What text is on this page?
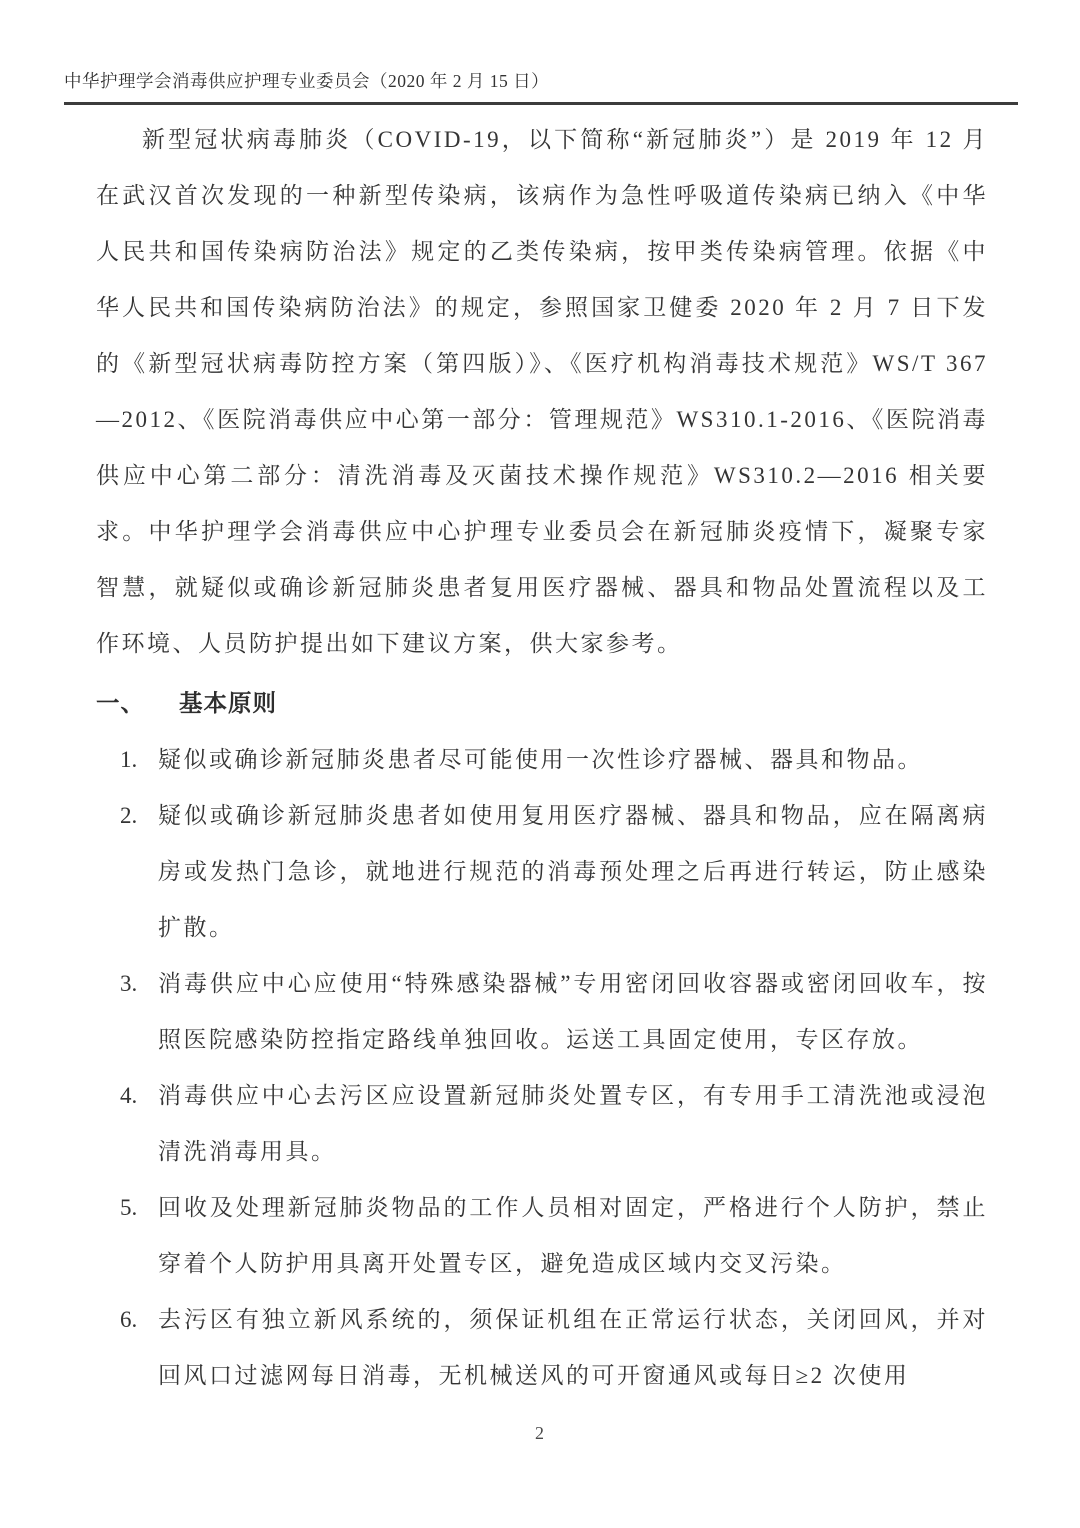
中华护理学会消毒供应护理专业委员会（2020 年 2 月 15 日）

新型冠状病毒肺炎（COVID-19，以下简称“新冠肺炎”）是 2019 年 12 月在武汉首次发现的一种新型传染病，该病作为急性呼吸道传染病已纳入《中华人民共和国传染病防治法》规定的乙类传染病，按甲类传染病管理。依据《中华人民共和国传染病防治法》的规定，参照国家卫健委 2020 年 2 月 7 日下发的《新型冠状病毒防控方案（第四版）》、《医疗机构消毒技术规范》WS/T 367—2012、《医院消毒供应中心第一部分：管理规范》WS310.1-2016、《医院消毒供应中心第二部分：清洗消毒及灭菌技术操作规范》WS310.2—2016 相关要求。中华护理学会消毒供应中心护理专业委员会在新冠肺炎疫情下，凝聚专家智慧，就疑似或确诊新冠肺炎患者复用医疗器械、器具和物品处置流程以及工作环境、人员防护提出如下建议方案，供大家参考。

一、 基本原则
1. 疑似或确诊新冠肺炎患者尽可能使用一次性诊疗器械、器具和物品。
2. 疑似或确诊新冠肺炎患者如使用复用医疗器械、器具和物品，应在隔离病房或发热门急诊，就地进行规范的消毒预处理之后再进行转运，防止感染扩散。
3. 消毒供应中心应使用“特殊感染器械”专用密闭回收容器或密闭回收车，按照医院感染防控指定路线单独回收。运送工具固定使用，专区存放。
4. 消毒供应中心去污区应设置新冠肺炎处置专区，有专用手工清洗池或浸泡清洗消毒用具。
5. 回收及处理新冠肺炎物品的工作人员相对固定，严格进行个人防护，禁止穿着个人防护用具离开处置专区，避免造成区域内交叉污染。
6. 去污区有独立新风系统的，须保证机组在正常运行状态，关闭回风，并对回风口过滤网每日消毒，无机械送风的可开窗通风或每日≥2 次使用
2
